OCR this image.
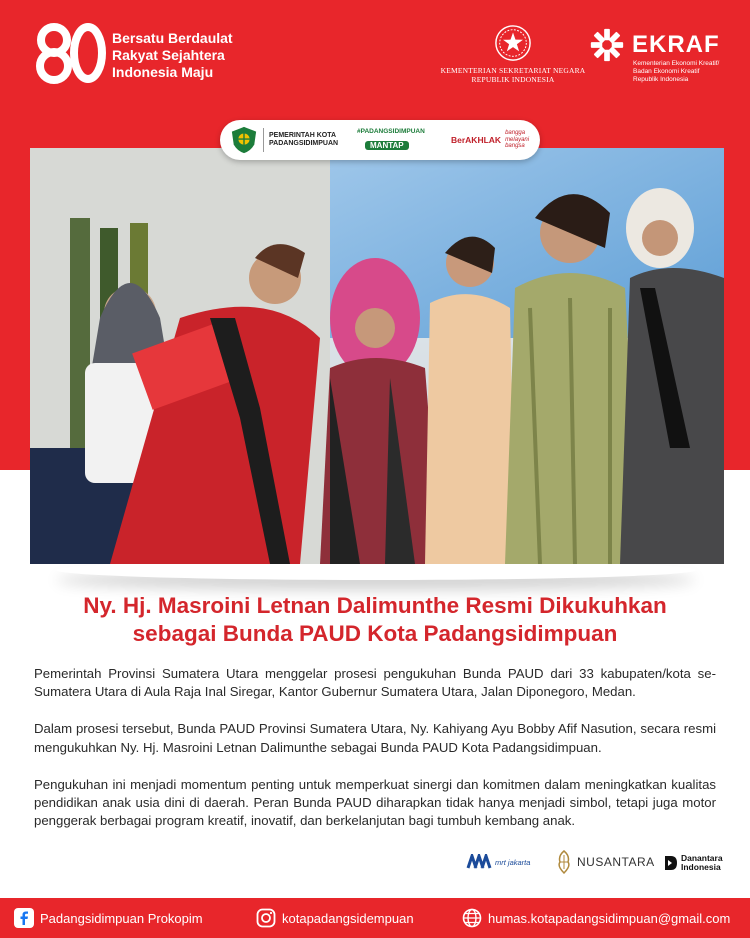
80
Bersatu Berdaulat
Rakyat Sejahtera
Indonesia Maju	KEMENTERIAN SEKRETARIAT NEGARA
REPUBLIK INDONESIA
EKRAF
Kementerian Ekonomi Kreatif/
Badan Ekonomi Kreatif
Republik Indonesia
PEMERINTAH KOTA
PADANGSIDIMPUAN
#PADANGSIDIMPUAN
MANTAP	BerAKHLAK
bangga
melayani
bangsa
Ny. Hj. Masroini Letnan Dalimunthe Resmi Dikukuhkan
sebagai Bunda PAUD Kota Padangsidimpuan

Pemerintah Provinsi Sumatera Utara menggelar prosesi pengukuhan Bunda PAUD dari 33 kabupaten/kota se-Sumatera Utara di Aula Raja Inal Siregar, Kantor Gubernur Sumatera Utara, Jalan Diponegoro, Medan.

Dalam prosesi tersebut, Bunda PAUD Provinsi Sumatera Utara, Ny. Kahiyang Ayu Bobby Afif Nasution, secara resmi mengukuhkan Ny. Hj. Masroini Letnan Dalimunthe sebagai Bunda PAUD Kota Padangsidimpuan.

Pengukuhan ini menjadi momentum penting untuk memperkuat sinergi dan komitmen dalam meningkatkan kualitas pendidikan anak usia dini di daerah. Peran Bunda PAUD diharapkan tidak hanya menjadi simbol, tetapi juga motor penggerak berbagai program kreatif, inovatif, dan berkelanjutan bagi tumbuh kembang anak.

mrt jakarta	NUSANTARA	Danantara
Indonesia
Padangsidimpuan Prokopim	kotapadangsidempuan	humas.kotapadangsidimpuan@gmail.com
